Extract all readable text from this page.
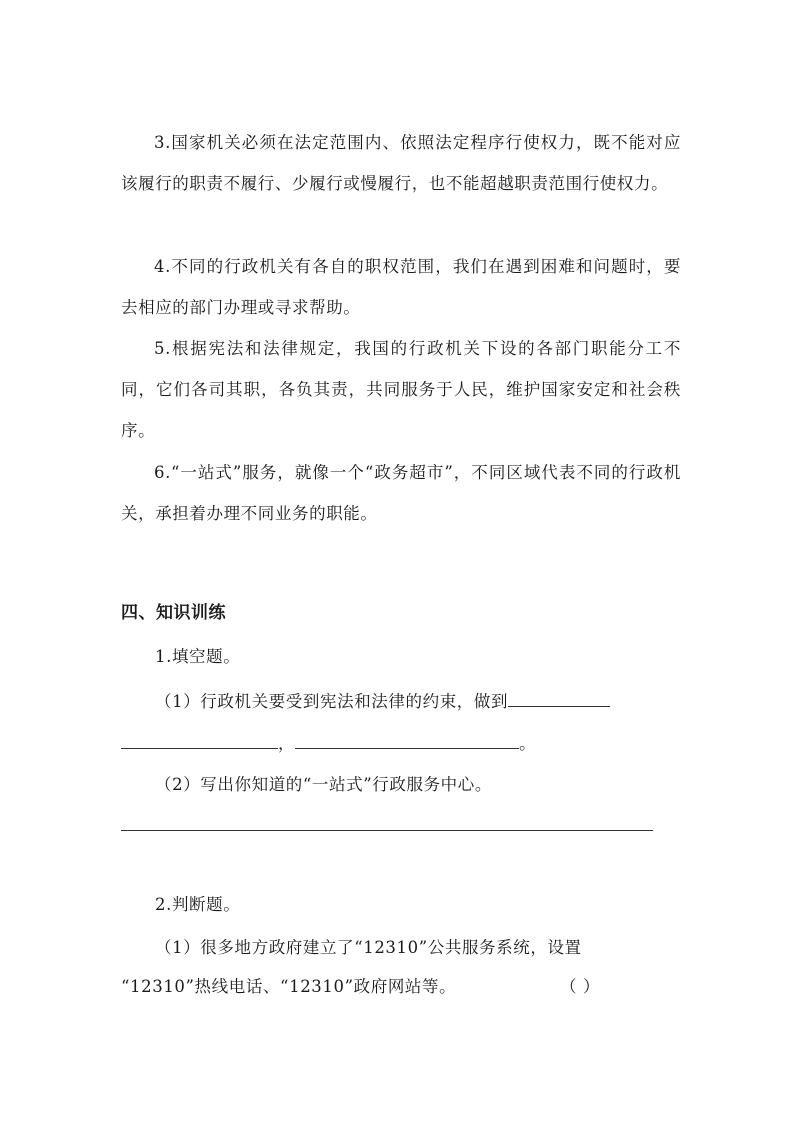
3.国家机关必须在法定范围内、依照法定程序行使权力，既不能对应该履行的职责不履行、少履行或慢履行，也不能超越职责范围行使权力。

4.不同的行政机关有各自的职权范围，我们在遇到困难和问题时，要去相应的部门办理或寻求帮助。

5.根据宪法和法律规定，我国的行政机关下设的各部门职能分工不同，它们各司其职，各负其责，共同服务于人民，维护国家安定和社会秩序。

6.“一站式”服务，就像一个“政务超市”，不同区域代表不同的行政机关，承担着办理不同业务的职能。

四、知识训练

1.填空题。

（1）行政机关要受到宪法和法律的约束，做到

，	。

（2）写出你知道的“一站式”行政服务中心。

2.判断题。

（1）很多地方政府建立了“12310”公共服务系统，设置

“12310”热线电话、“12310”政府网站等。	（ ）
